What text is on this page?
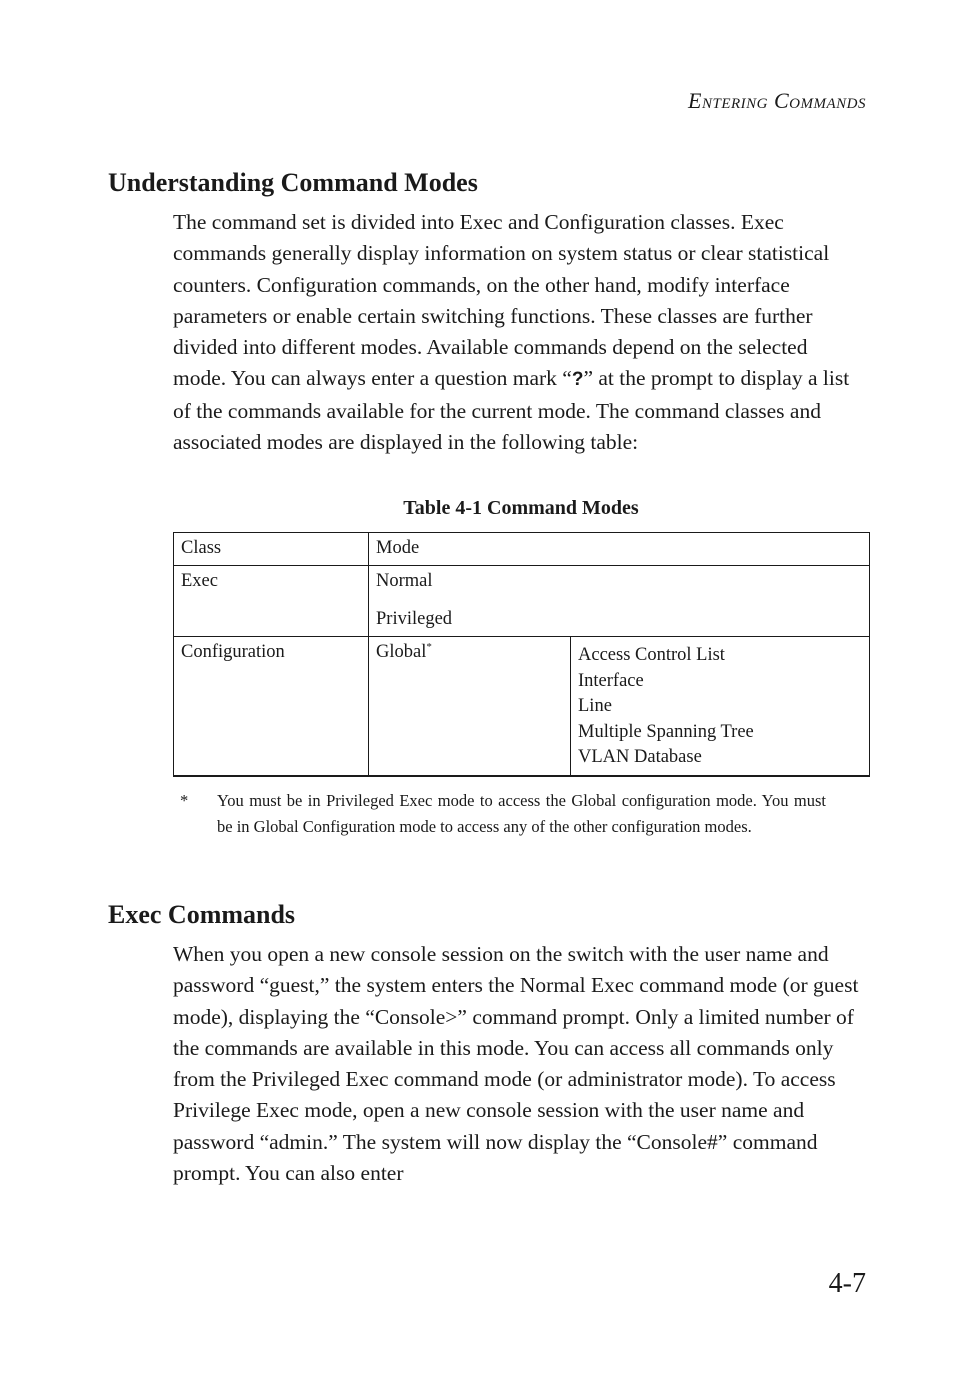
Entering Commands
Understanding Command Modes

The command set is divided into Exec and Configuration classes. Exec commands generally display information on system status or clear statistical counters. Configuration commands, on the other hand, modify interface parameters or enable certain switching functions. These classes are further divided into different modes. Available commands depend on the selected mode. You can always enter a question mark “?” at the prompt to display a list of the commands available for the current mode. The command classes and associated modes are displayed in the following table:

Table 4-1 Command Modes
Class	Mode	
Exec	Normal
Privileged	

Configuration	Global*	Access Control List
Interface
Line
Multiple Spanning Tree
VLAN Database
* You must be in Privileged Exec mode to access the Global configuration mode. You must be in Global Configuration mode to access any of the other configuration modes.
Exec Commands

When you open a new console session on the switch with the user name and password “guest,” the system enters the Normal Exec command mode (or guest mode), displaying the “Console>” command prompt. Only a limited number of the commands are available in this mode. You can access all commands only from the Privileged Exec command mode (or administrator mode). To access Privilege Exec mode, open a new console session with the user name and password “admin.” The system will now display the “Console#” command prompt. You can also enter

4-7
